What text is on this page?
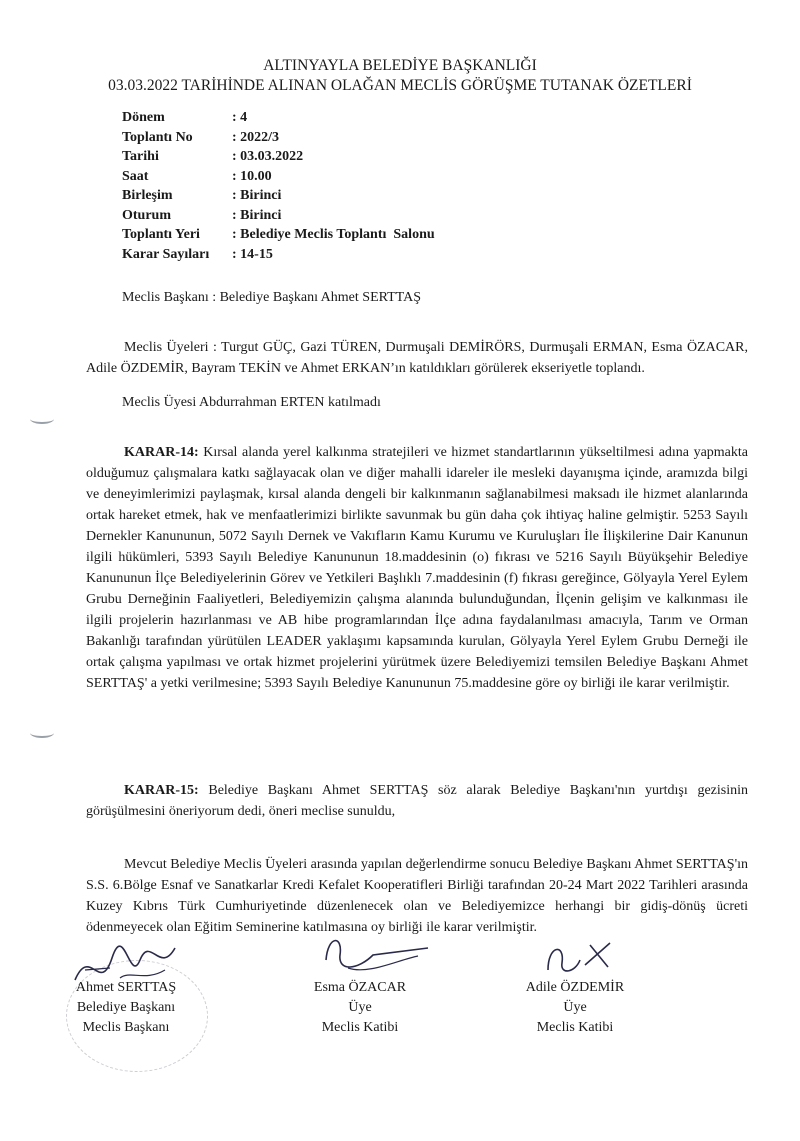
ALTINYAYLA BELEDİYE BAŞKANLIĞI
03.03.2022 TARİHİNDE ALINAN OLAĞAN MECLİS GÖRÜŞME TUTANAK ÖZETLERİ
Dönem	: 4
Toplantı No	: 2022/3
Tarihi	: 03.03.2022
Saat	: 10.00
Birleşim	: Birinci
Oturum	: Birinci
Toplantı Yeri	: Belediye Meclis Toplantı  Salonu
Karar Sayıları	: 14-15
Meclis Başkanı : Belediye Başkanı Ahmet SERTTAŞ
Meclis Üyeleri : Turgut GÜÇ, Gazi TÜREN, Durmuşali DEMİRÖRS, Durmuşali ERMAN, Esma ÖZACAR, Adile ÖZDEMİR, Bayram TEKİN ve Ahmet ERKAN’ın katıldıkları görülerek ekseriyetle toplandı.
Meclis Üyesi Abdurrahman ERTEN katılmadı
KARAR-14: Kırsal alanda yerel kalkınma stratejileri ve hizmet standartlarının yükseltilmesi adına yapmakta olduğumuz çalışmalara katkı sağlayacak olan ve diğer mahalli idareler ile mesleki dayanışma içinde, aramızda bilgi ve deneyimlerimizi paylaşmak, kırsal alanda dengeli bir kalkınmanın sağlanabilmesi maksadı ile hizmet alanlarında ortak hareket etmek, hak ve menfaatlerimizi birlikte savunmak bu gün daha çok ihtiyaç haline gelmiştir. 5253 Sayılı Dernekler Kanununun, 5072 Sayılı Dernek ve Vakıfların Kamu Kurumu ve Kuruluşları İle İlişkilerine Dair Kanunun ilgili hükümleri, 5393 Sayılı Belediye Kanununun 18.maddesinin (o) fıkrası ve 5216 Sayılı Büyükşehir Belediye Kanununun İlçe Belediyelerinin Görev ve Yetkileri Başlıklı 7.maddesinin (f) fıkrası gereğince, Gölyayla Yerel Eylem Grubu Derneğinin Faaliyetleri, Belediyemizin çalışma alanında bulunduğundan, İlçenin gelişim ve kalkınması ile ilgili projelerin hazırlanması ve AB hibe programlarından İlçe adına faydalanılması amacıyla, Tarım ve Orman Bakanlığı tarafından yürütülen LEADER yaklaşımı kapsamında kurulan, Gölyayla Yerel Eylem Grubu Derneği ile ortak çalışma yapılması ve ortak hizmet projelerini yürütmek üzere Belediyemizi temsilen Belediye Başkanı Ahmet SERTTAŞ' a yetki verilmesine; 5393 Sayılı Belediye Kanununun 75.maddesine göre oy birliği ile karar verilmiştir.
KARAR-15: Belediye Başkanı Ahmet SERTTAŞ söz alarak Belediye Başkanı'nın yurtdışı gezisinin görüşülmesini öneriyorum dedi, öneri meclise sunuldu,
Mevcut Belediye Meclis Üyeleri arasında yapılan değerlendirme sonucu Belediye Başkanı Ahmet SERTTAŞ'ın S.S. 6.Bölge Esnaf ve Sanatkarlar Kredi Kefalet Kooperatifleri Birliği tarafından 20-24 Mart 2022 Tarihleri arasında Kuzey Kıbrıs Türk Cumhuriyetinde düzenlenecek olan ve Belediyemizce herhangi bir gidiş-dönüş ücreti ödenmeyecek olan Eğitim Seminerine katılmasına oy birliği ile karar verilmiştir.
Ahmet SERTTAŞ
Belediye Başkanı
Meclis Başkanı
Esma ÖZACAR
Üye
Meclis Katibi
Adile ÖZDEMİR
Üye
Meclis Katibi
